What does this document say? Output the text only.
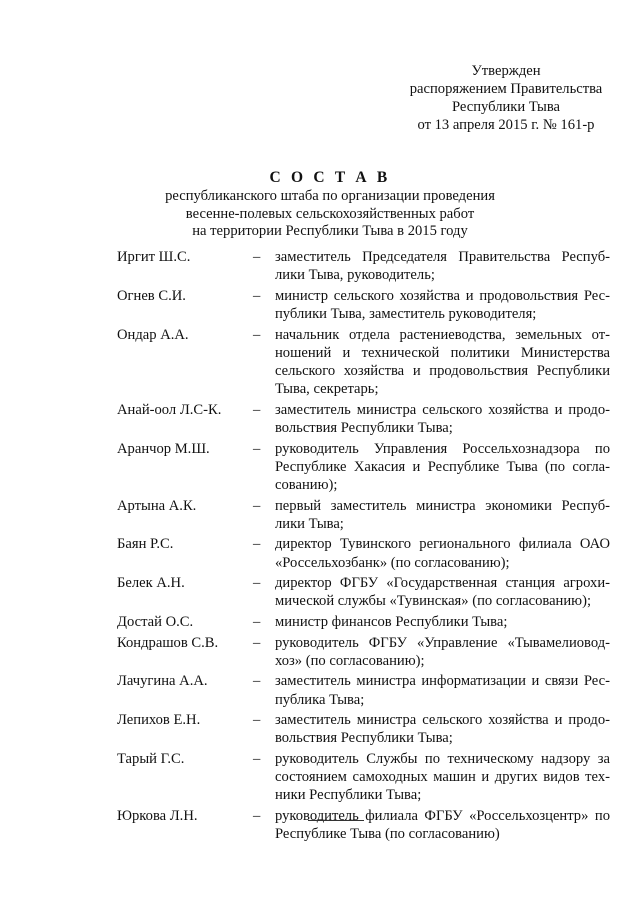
Утвержден
распоряжением Правительства
Республики Тыва
от 13 апреля 2015 г. № 161-р
С О С Т А В
республиканского штаба по организации проведения
весенне-полевых сельскохозяйственных работ
на территории Республики Тыва в 2015 году
Иргит Ш.С.	–	заместитель Председателя Правительства Респуб-
лики Тыва, руководитель;
Огнев С.И.	–	министр сельского хозяйства и продовольствия Рес-
публики Тыва, заместитель руководителя;
Ондар А.А.	–	начальник отдела растениеводства, земельных от-
ношений и технической политики Министерства
сельского хозяйства и продовольствия Республики
Тыва, секретарь;
Анай-оол Л.С-К.	–	заместитель министра сельского хозяйства и продо-
вольствия Республики Тыва;
Аранчор М.Ш.	–	руководитель Управления Россельхознадзора по
Республике Хакасия и Республике Тыва (по согла-
сованию);
Артына А.К.	–	первый заместитель министра экономики Респуб-
лики Тыва;
Баян Р.С.	–	директор Тувинского регионального филиала ОАО
«Россельхозбанк» (по согласованию);
Белек А.Н.	–	директор ФГБУ «Государственная станция агрохи-
мической службы «Тувинская» (по согласованию);
Достай О.С.	–	министр финансов Республики Тыва;
Кондрашов С.В.	–	руководитель ФГБУ «Управление «Тывамелиовод-
хоз» (по согласованию);
Лачугина А.А.	–	заместитель министра информатизации и связи Рес-
публика Тыва;
Лепихов Е.Н.	–	заместитель министра сельского хозяйства и продо-
вольствия Республики Тыва;
Тарый Г.С.	–	руководитель Службы по техническому надзору за
состоянием самоходных машин и других видов тех-
ники Республики Тыва;
Юркова Л.Н.	–	руководитель филиала ФГБУ «Россельхозцентр» по
Республике Тыва (по согласованию)
